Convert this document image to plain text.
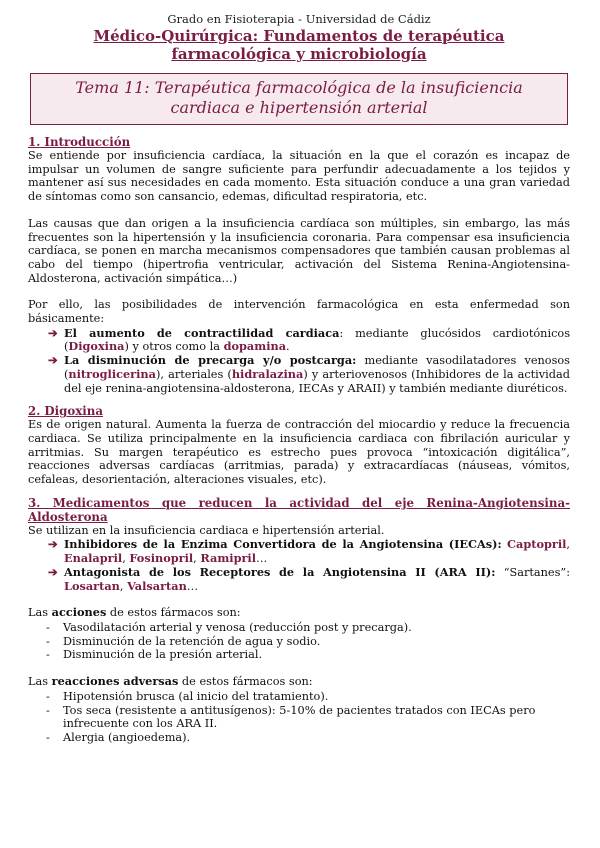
Grado en Fisioterapia - Universidad de Cádiz
Médico-Quirúrgica: Fundamentos de terapéutica farmacológica y microbiología
Tema 11: Terapéutica farmacológica de la insuficiencia cardiaca e hipertensión arterial
1. Introducción

Se entiende por insuficiencia cardíaca, la situación en la que el corazón es incapaz de impulsar un volumen de sangre suficiente para perfundir adecuadamente a los tejidos y mantener así sus necesidades en cada momento. Esta situación conduce a una gran variedad de síntomas como son cansancio, edemas, dificultad respiratoria, etc.

Las causas que dan origen a la insuficiencia cardíaca son múltiples, sin embargo, las más frecuentes son la hipertensión y la insuficiencia coronaria. Para compensar esa insuficiencia cardíaca, se ponen en marcha mecanismos compensadores que también causan problemas al cabo del tiempo (hipertrofia ventricular, activación del Sistema Renina-Angiotensina-Aldosterona, activación simpática…)

Por ello, las posibilidades de intervención farmacológica en esta enfermedad son básicamente:

➔ El aumento de contractilidad cardiaca: mediante glucósidos cardiotónicos (Digoxina) y otros como la dopamina.
➔ La disminución de precarga y/o postcarga: mediante vasodilatadores venosos (nitroglicerina), arteriales (hidralazina) y arteriovenosos (Inhibidores de la actividad del eje renina-angiotensina-aldosterona, IECAs y ARAII) y también mediante diuréticos.
2. Digoxina

Es de origen natural. Aumenta la fuerza de contracción del miocardio y reduce la frecuencia cardiaca. Se utiliza principalmente en la insuficiencia cardiaca con fibrilación auricular y arritmias. Su margen terapéutico es estrecho pues provoca “intoxicación digitálica”, reacciones adversas cardíacas (arritmias, parada) y extracardíacas (náuseas, vómitos, cefaleas, desorientación, alteraciones visuales, etc).

3. Medicamentos que reducen la actividad del eje Renina-Angiotensina-Aldosterona

Se utilizan en la insuficiencia cardiaca e hipertensión arterial.

➔ Inhibidores de la Enzima Convertidora de la Angiotensina (IECAs): Captopril, Enalapril, Fosinopril, Ramipril…
➔ Antagonista de los Receptores de la Angiotensina II (ARA II): “Sartanes”: Losartan, Valsartan…

Las acciones de estos fármacos son:

- Vasodilatación arterial y venosa (reducción post y precarga).
- Disminución de la retención de agua y sodio.
- Disminución de la presión arterial.

Las reacciones adversas de estos fármacos son:

- Hipotensión brusca (al inicio del tratamiento).
- Tos seca (resistente a antitusígenos): 5-10% de pacientes tratados con IECAs pero infrecuente con los ARA II.
- Alergia (angioedema).
